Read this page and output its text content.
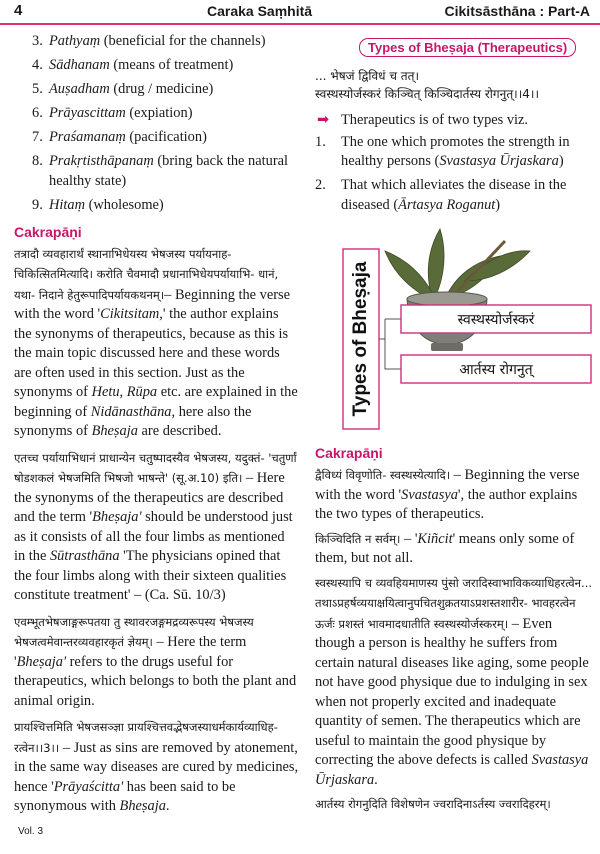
4	Caraka Saṃhitā	Cikitsāsthāna : Part-A
3. Pathyaṃ (beneficial for the channels)
4. Sādhanam (means of treatment)
5. Auṣadham (drug / medicine)
6. Prāyascittam (expiation)
7. Praśamanaṃ (pacification)
8. Prakṛtisthāpanaṃ (bring back the natural healthy state)
9. Hitaṃ (wholesome)
Cakrapāṇi

तत्रादौ व्यवहारार्थं स्थानाभिधेयस्य भेषजस्य पर्यायनाह- चिकित्सितमित्यादि। करोति चैवमादौ प्रधानाभिधेयपर्यायाभि- धानं, यथा- निदाने हेतुरूपादिपर्यायकथनम्।– Beginning the verse with the word 'Cikitsitam,' the author explains the synonyms of therapeutics, because as this is the main topic discussed here and these words are often used in this section. Just as the synonyms of Hetu, Rūpa etc. are explained in the beginning of Nidānasthāna, here also the synonyms of Bheṣaja are described.

एतच्च पर्यायाभिधानं प्राधान्येन चतुष्पादस्यैव भेषजस्य, यदुक्तं- 'चतुर्णां षोडशकलं भेषजमिति भिषजो भाषन्ते' (सू.अ.10) इति। – Here the synonyms of the therapeutics are described and the term 'Bheṣaja' should be understood just as it consists of all the four limbs as mentioned in the Sūtrasthāna 'The physicians opined that the four limbs along with their sixteen qualities constitute treatment' – (Ca. Sū. 10/3)

एवम्भूतभेषजाङ्गरूपतया तु स्थावरजङ्गमद्रव्यरूपस्य भेषजस्य भेषजत्वमेवान्तरव्यवहारकृतं ज्ञेयम्। – Here the term 'Bheṣaja' refers to the drugs useful for therapeutics, which belongs to both the plant and animal origin.

प्रायश्चित्तमिति भेषजसञ्ज्ञा प्रायश्चित्तवद्भेषजस्याधर्मकार्यव्याधिह- रत्वेन।।3।। – Just as sins are removed by atonement, in the same way diseases are cured by medicines, hence 'Prāyaścitta' has been said to be synonymous with Bheṣaja.

Types of Bheṣaja (Therapeutics)
... भेषजं द्विविधं च तत्।
स्वस्थस्योर्जस्करं किञ्चित् किञ्चिदार्तस्य रोगनुत्।।4।।

➡ Therapeutics is of two types viz.

1. The one which promotes the strength in healthy persons (Svastasya Ūrjaskara)
2. That which alleviates the disease in the diseased (Ārtasya Roganut)
Types of Bheṣaja	स्वस्थस्योर्जस्करं
आर्तस्य रोगनुत्
Cakrapāṇi

द्वैविध्यं विवृणोति- स्वस्थस्येत्यादि। – Beginning the verse with the word 'Svastasya', the author explains the two types of therapeutics.

किञ्चिदिति न सर्वम्। – 'Kiñcit' means only some of them, but not all.

स्वस्थस्यापि च व्यवहियमाणस्य पुंसो जरादिस्वाभाविकव्याधिहरत्वेन... तथाऽप्रहर्षव्ययाक्षयित्वानुपचितशुक्रतयाऽप्रशस्तशारीर- भावहरत्वेन ऊर्जः प्रशस्तं भावमादधातीति स्वस्थस्योर्जस्करम्। – Even though a person is healthy he suffers from certain natural diseases like aging, some people not have good physique due to indulging in sex when not properly excited and inadequate quantity of semen. The therapeutics which are useful to maintain the good physique by correcting the above defects is called Svastasya Ūrjaskara.

आर्तस्य रोगनुदिति विशेषणेन ज्वरादिनाऽर्तस्य ज्वरादिहरम्।

Vol. 3
